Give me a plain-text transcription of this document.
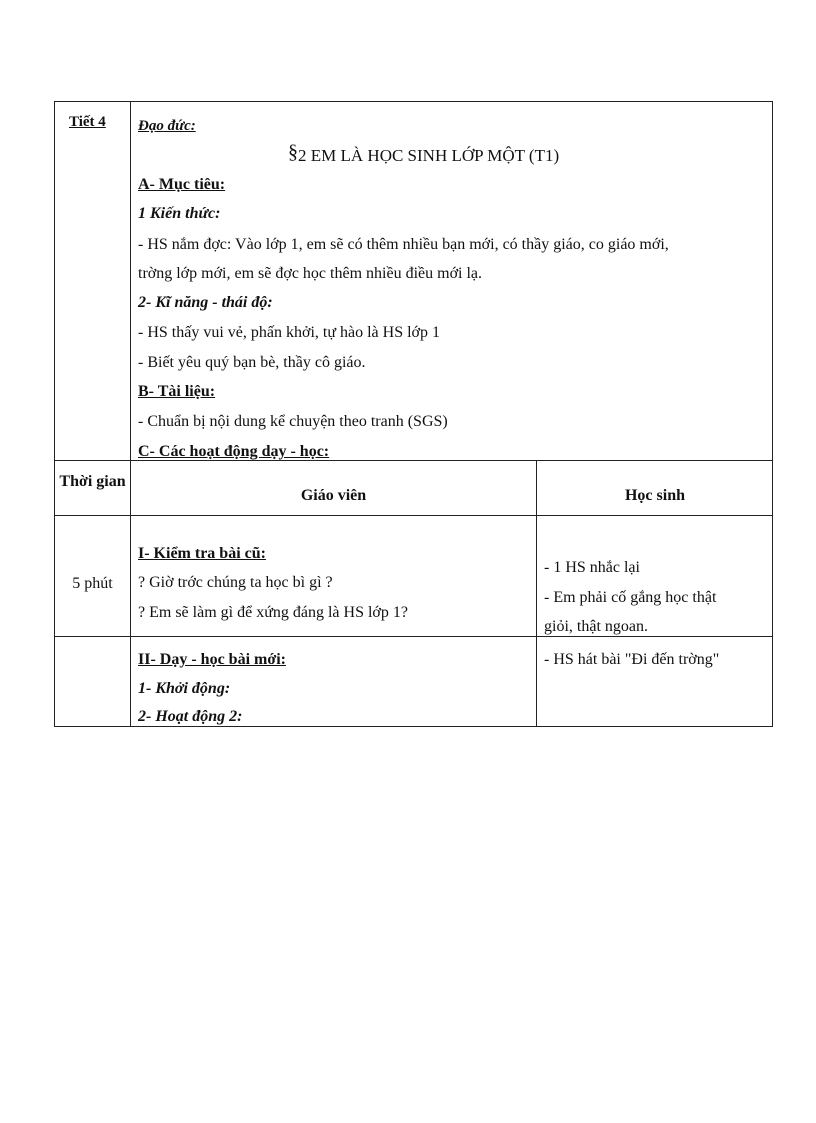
Tiết 4 Đạo đức:
§2 EM LÀ HỌC SINH LỚP MỘT (T1)
A- Mục tiêu:
1 Kiến thức:
- HS nắm đợc: Vào lớp 1, em sẽ có thêm nhiều bạn mới, có thầy giáo, co giáo mới,
trờng lớp mới, em sẽ đợc học thêm nhiều điều mới lạ.
2- Kĩ năng - thái độ:
- HS thấy vui vẻ, phấn khởi, tự hào là HS lớp 1
- Biết yêu quý bạn bè, thầy cô giáo.
B- Tài liệu:
- Chuẩn bị nội dung kể chuyện theo tranh (SGS)
C- Các hoạt động dạy - học:
Thời gian
Giáo viên	Học sinh
5 phút
I- Kiểm tra bài cũ:
? Giờ trớc chúng ta học bì gì ?
? Em sẽ làm gì để xứng đáng là HS lớp 1?
- 1 HS nhắc lại
- Em phải cố gắng học thật
giỏi, thật ngoan.
II- Dạy - học bài mới:
1- Khởi động:
2- Hoạt động 2:
- HS hát bài "Đi đến trờng"
